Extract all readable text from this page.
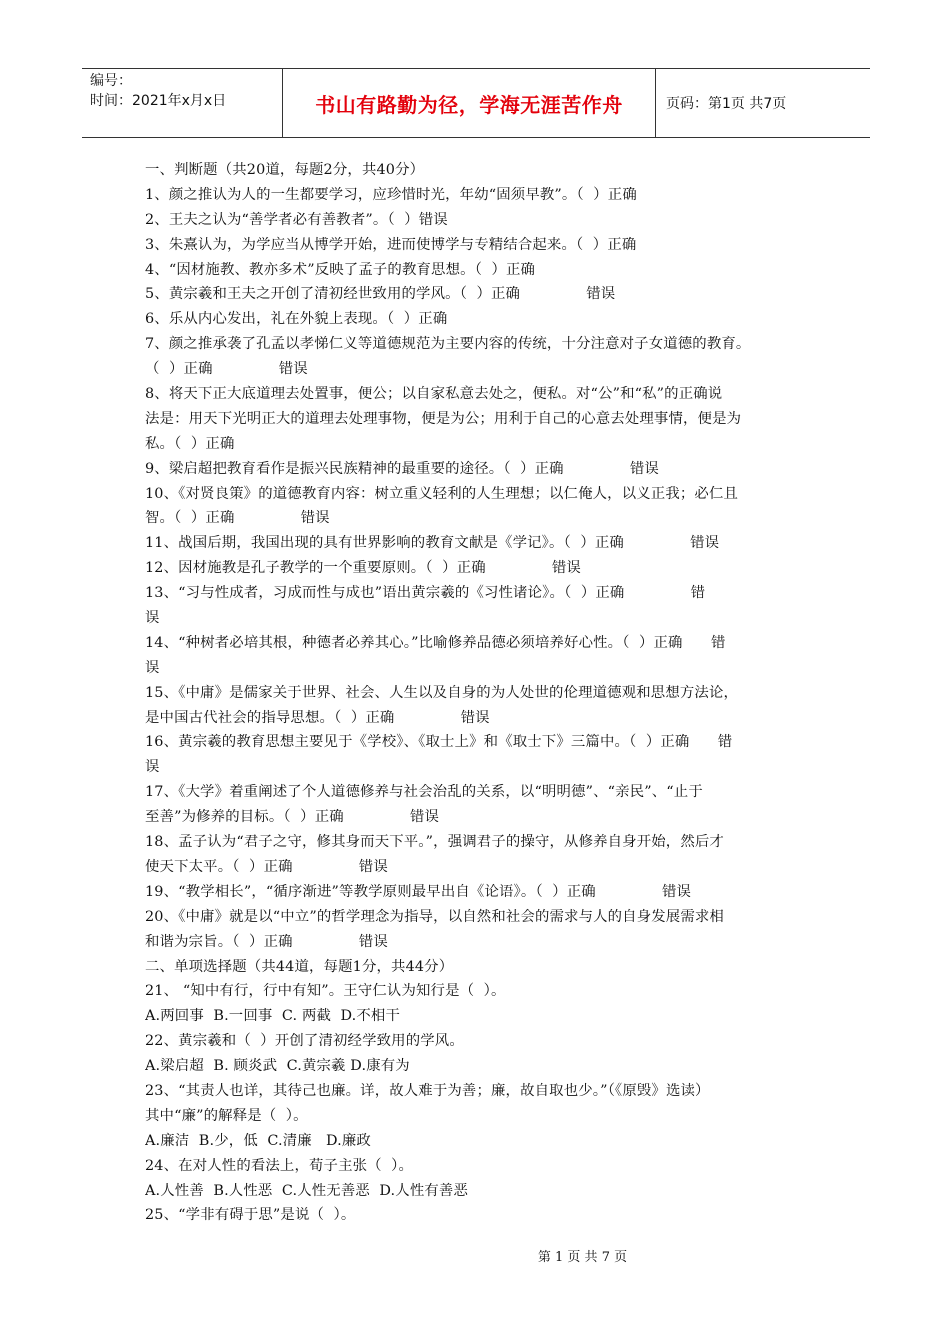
编号：
时间：2021年x月x日	书山有路勤为径，学海无涯苦作舟	页码：第1页 共7页
一、判断题（共20道，每题2分，共40分）
1、颜之推认为人的一生都要学习，应珍惜时光，年幼“固须早教”。（  ）正确
2、王夫之认为“善学者必有善教者”。（  ）错误
3、朱熹认为，为学应当从博学开始，进而使博学与专精结合起来。（  ）正确
4、“因材施教、教亦多术”反映了孟子的教育思想。（  ）正确
5、黄宗羲和王夫之开创了清初经世致用的学风。（  ）正确              错误
6、乐从内心发出，礼在外貌上表现。（  ）正确
7、颜之推承袭了孔孟以孝悌仁义等道德规范为主要内容的传统，十分注意对子女道德的教育。
（  ）正确              错误
8、将天下正大底道理去处置事，便公；以自家私意去处之，便私。对“公”和“私”的正确说
法是：用天下光明正大的道理去处理事物，便是为公；用利于自己的心意去处理事情，便是为
私。（  ）正确
9、梁启超把教育看作是振兴民族精神的最重要的途径。（  ）正确              错误
10、《对贤良策》的道德教育内容：树立重义轻利的人生理想；以仁俺人，以义正我；必仁且
智。（  ）正确              错误
11、战国后期，我国出现的具有世界影响的教育文献是《学记》。（  ）正确              错误
12、因材施教是孔子教学的一个重要原则。（  ）正确              错误
13、“习与性成者，习成而性与成也”语出黄宗羲的《习性诸论》。（  ）正确              错
误
14、“种树者必培其根，种德者必养其心。”比喻修养品德必须培养好心性。（  ）正确      错
误
15、《中庸》是儒家关于世界、社会、人生以及自身的为人处世的伦理道德观和思想方法论，
是中国古代社会的指导思想。（  ）正确              错误
16、黄宗羲的教育思想主要见于《学校》、《取士上》和《取士下》三篇中。（  ）正确      错
误
17、《大学》着重阐述了个人道德修养与社会治乱的关系，以“明明德”、“亲民”、“止于
至善”为修养的目标。（  ）正确              错误
18、孟子认为“君子之守，修其身而天下平。”，强调君子的操守，从修养自身开始，然后才
使天下太平。（  ）正确              错误
19、“教学相长”，“循序渐进”等教学原则最早出自《论语》。（  ）正确              错误
20、《中庸》就是以“中立”的哲学理念为指导，以自然和社会的需求与人的自身发展需求相
和谐为宗旨。（  ）正确              错误
二、单项选择题（共44道，每题1分，共44分）
21、 “知中有行，行中有知”。王守仁认为知行是（  ）。
A.两回事  B.一回事  C. 两截  D.不相干
22、黄宗羲和（  ）开创了清初经学致用的学风。
A.梁启超  B. 顾炎武  C.黄宗羲 D.康有为
23、“其责人也详，其待己也廉。详，故人难于为善；廉，故自取也少。”（《原毁》选读）
其中“廉”的解释是（  ）。
A.廉洁  B.少，低  C.清廉   D.廉政
24、在对人性的看法上，荀子主张（  ）。
A.人性善  B.人性恶  C.人性无善恶  D.人性有善恶
25、“学非有碍于思”是说（  ）。
第 1 页 共 7 页
